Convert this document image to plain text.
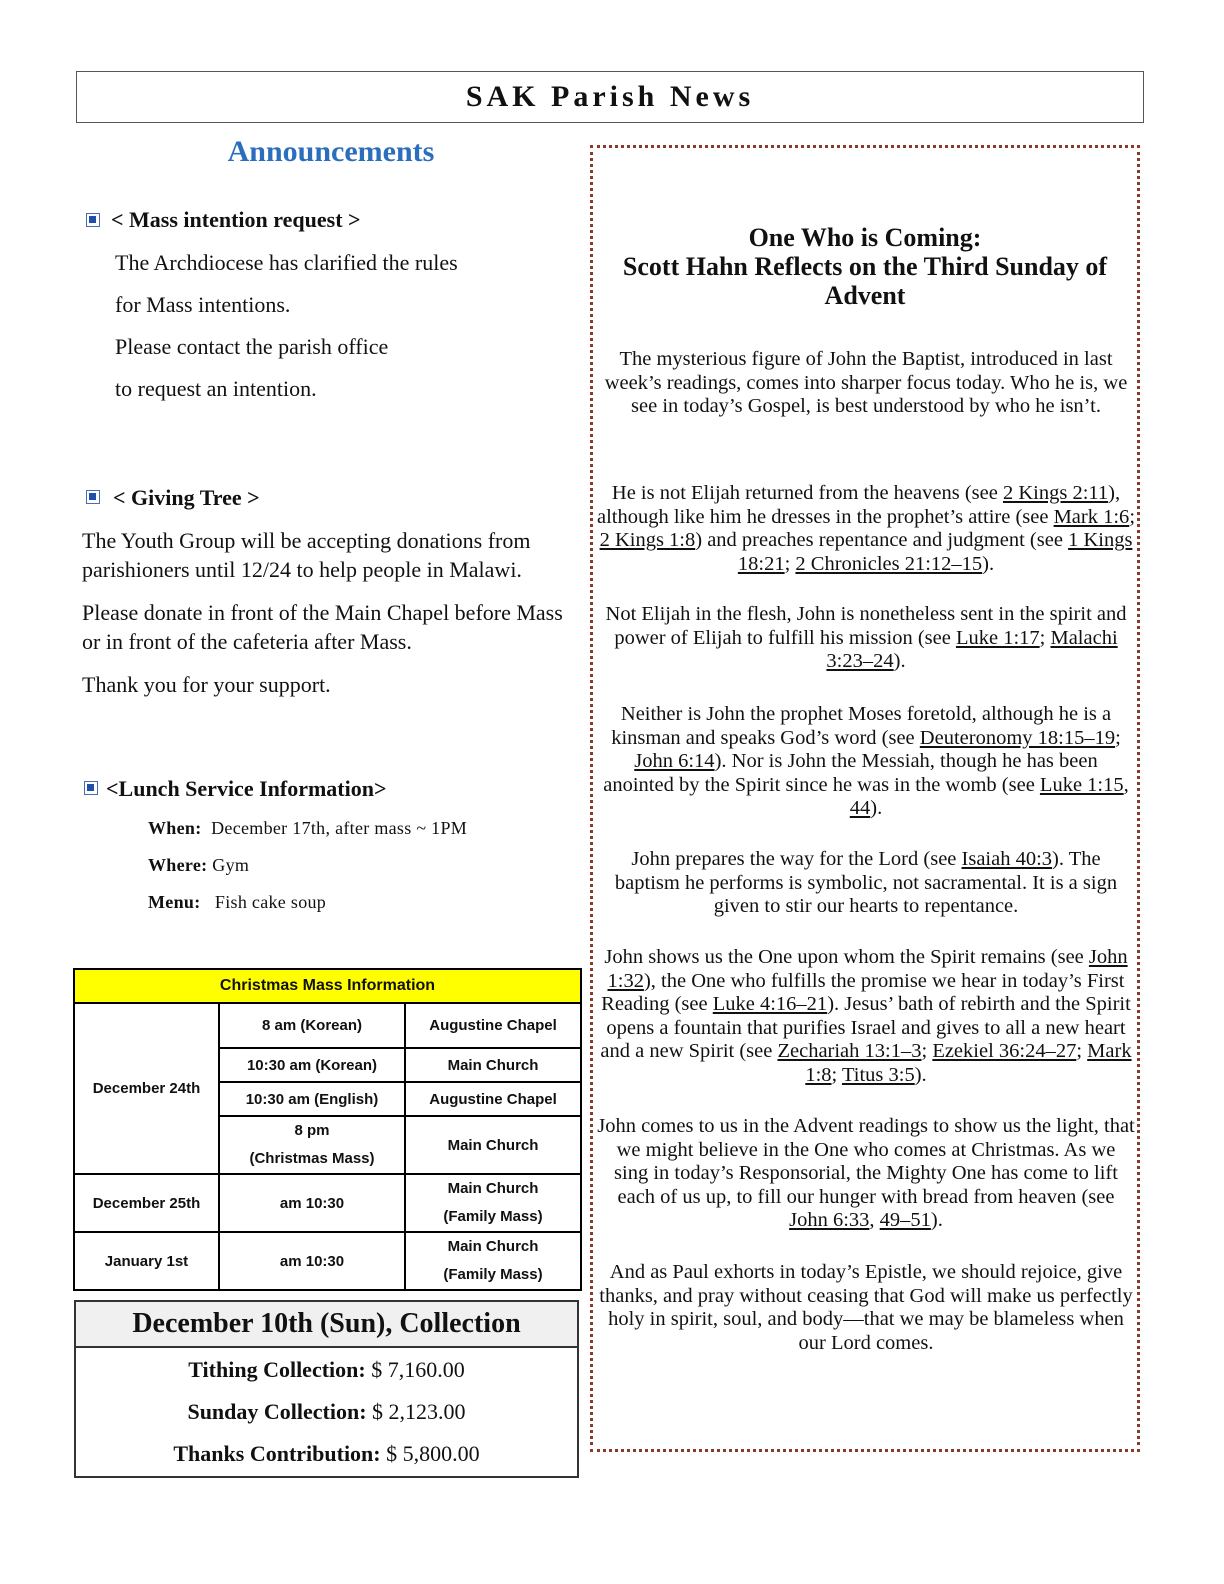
SAK Parish News
Announcements
< Mass intention request >
The Archdiocese has clarified the rules
for Mass intentions.
Please contact the parish office
to request an intention.
< Giving Tree >
The Youth Group will be accepting donations from parishioners until 12/24 to help people in Malawi.
Please donate in front of the Main Chapel before Mass or in front of the cafeteria after Mass.
Thank you for your support.
<Lunch Service Information>
When: December 17th, after mass ~ 1PM
Where: Gym
Menu: Fish cake soup
Christmas Mass Information		
December 24th	8 am (Korean)	Augustine Chapel
	10:30 am (Korean)	Main Church
	10:30 am (English)	Augustine Chapel

	8 pm
(Christmas Mass)	Main Church
December 25th	am 10:30	Main Church
(Family Mass)

January 1st	am 10:30	Main Church
(Family Mass)
December 10th (Sun), Collection
Tithing Collection: $ 7,160.00
Sunday Collection: $ 2,123.00
Thanks Contribution: $ 5,800.00
One Who is Coming:
Scott Hahn Reflects on the Third Sunday of
Advent
The mysterious figure of John the Baptist, introduced in last week’s readings, comes into sharper focus today. Who he is, we see in today’s Gospel, is best understood by who he isn’t.
He is not Elijah returned from the heavens (see 2 Kings 2:11), although like him he dresses in the prophet’s attire (see Mark 1:6; 2 Kings 1:8) and preaches repentance and judgment (see 1 Kings 18:21; 2 Chronicles 21:12–15).
Not Elijah in the flesh, John is nonetheless sent in the spirit and power of Elijah to fulfill his mission (see Luke 1:17; Malachi 3:23–24).
Neither is John the prophet Moses foretold, although he is a kinsman and speaks God’s word (see Deuteronomy 18:15–19; John 6:14). Nor is John the Messiah, though he has been anointed by the Spirit since he was in the womb (see Luke 1:15, 44).
John prepares the way for the Lord (see Isaiah 40:3). The baptism he performs is symbolic, not sacramental. It is a sign given to stir our hearts to repentance.
John shows us the One upon whom the Spirit remains (see John 1:32), the One who fulfills the promise we hear in today’s First Reading (see Luke 4:16–21). Jesus’ bath of rebirth and the Spirit opens a fountain that purifies Israel and gives to all a new heart and a new Spirit (see Zechariah 13:1–3; Ezekiel 36:24–27; Mark 1:8; Titus 3:5).
John comes to us in the Advent readings to show us the light, that we might believe in the One who comes at Christmas. As we sing in today’s Responsorial, the Mighty One has come to lift each of us up, to fill our hunger with bread from heaven (see John 6:33, 49–51).
And as Paul exhorts in today’s Epistle, we should rejoice, give thanks, and pray without ceasing that God will make us perfectly holy in spirit, soul, and body—that we may be blameless when our Lord comes.
